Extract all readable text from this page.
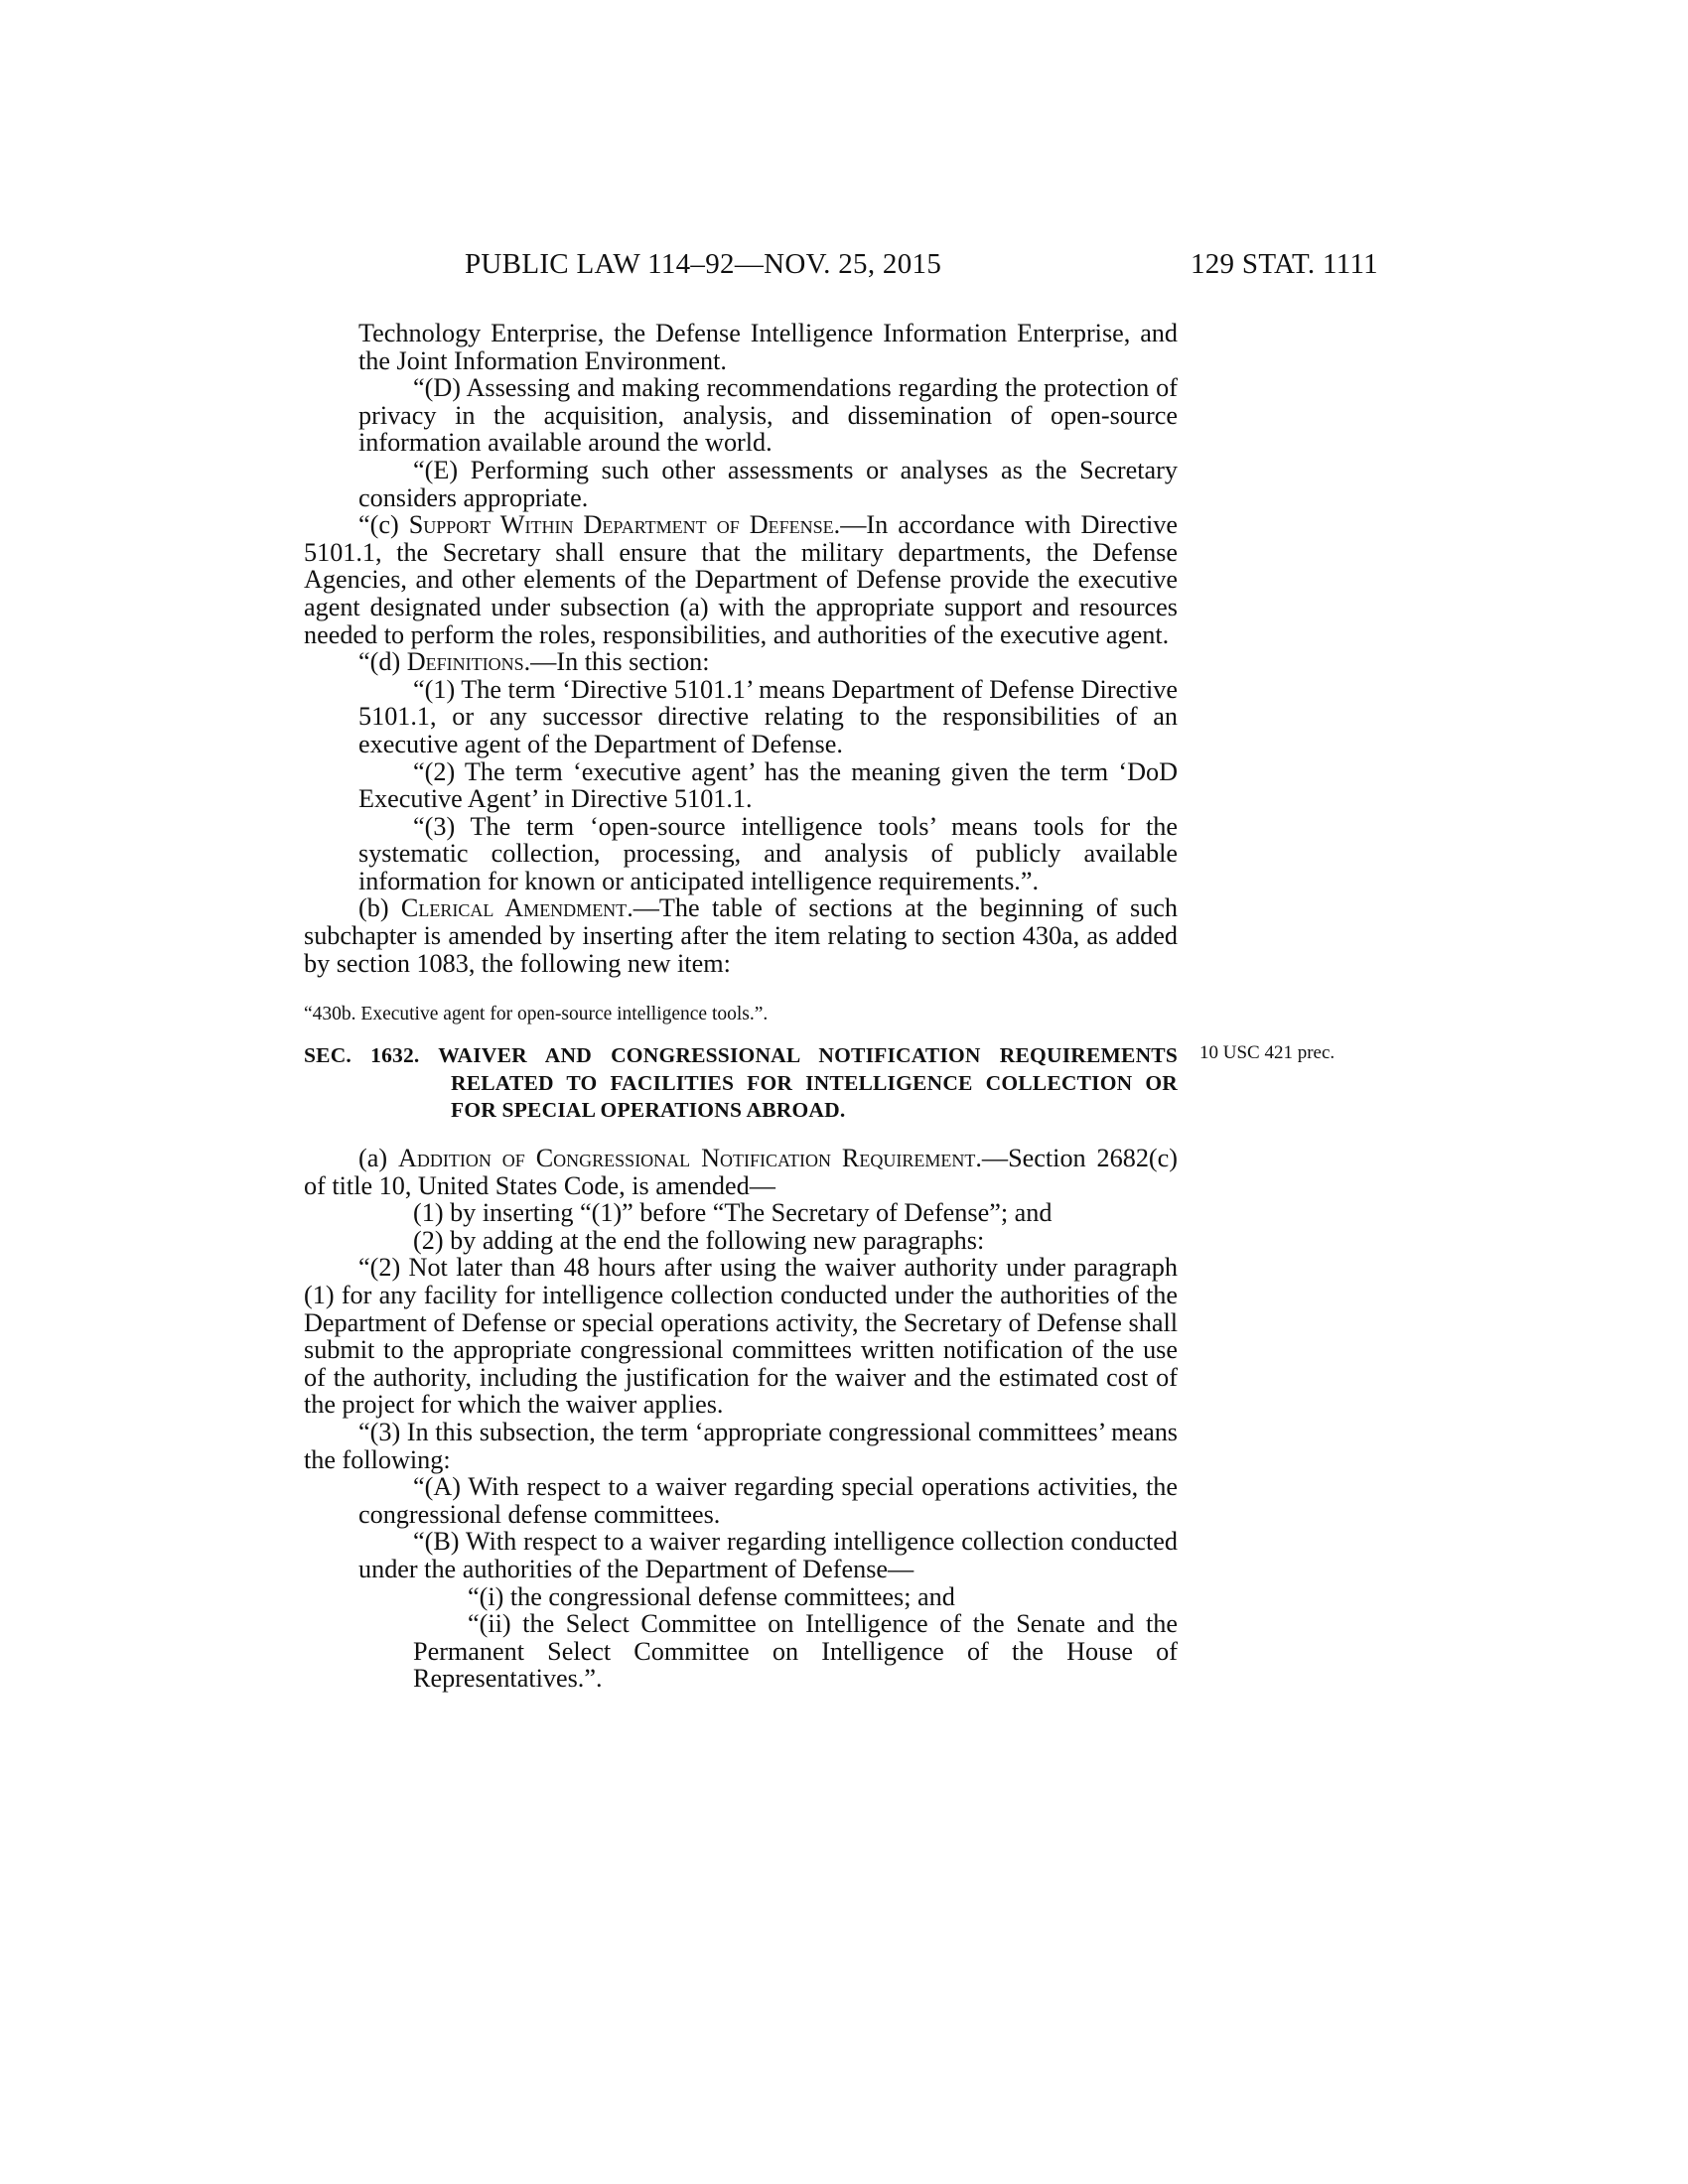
PUBLIC LAW 114–92—NOV. 25, 2015	129 STAT. 1111
10 USC 421 prec.

Technology Enterprise, the Defense Intelligence Information Enterprise, and the Joint Information Environment.

“(D) Assessing and making recommendations regarding the protection of privacy in the acquisition, analysis, and dissemination of open-source information available around the world.

“(E) Performing such other assessments or analyses as the Secretary considers appropriate.

“(c) Support Within Department of Defense.—In accordance with Directive 5101.1, the Secretary shall ensure that the military departments, the Defense Agencies, and other elements of the Department of Defense provide the executive agent designated under subsection (a) with the appropriate support and resources needed to perform the roles, responsibilities, and authorities of the executive agent.

“(d) Definitions.—In this section:

“(1) The term ‘Directive 5101.1’ means Department of Defense Directive 5101.1, or any successor directive relating to the responsibilities of an executive agent of the Department of Defense.

“(2) The term ‘executive agent’ has the meaning given the term ‘DoD Executive Agent’ in Directive 5101.1.

“(3) The term ‘open-source intelligence tools’ means tools for the systematic collection, processing, and analysis of publicly available information for known or anticipated intelligence requirements.”.

(b) Clerical Amendment.—The table of sections at the beginning of such subchapter is amended by inserting after the item relating to section 430a, as added by section 1083, the following new item:

“430b. Executive agent for open-source intelligence tools.”.

SEC. 1632. WAIVER AND CONGRESSIONAL NOTIFICATION REQUIREMENTS RELATED TO FACILITIES FOR INTELLIGENCE COLLECTION OR FOR SPECIAL OPERATIONS ABROAD.

(a) Addition of Congressional Notification Requirement.—Section 2682(c) of title 10, United States Code, is amended—

(1) by inserting “(1)” before “The Secretary of Defense”; and

(2) by adding at the end the following new paragraphs:

“(2) Not later than 48 hours after using the waiver authority under paragraph (1) for any facility for intelligence collection conducted under the authorities of the Department of Defense or special operations activity, the Secretary of Defense shall submit to the appropriate congressional committees written notification of the use of the authority, including the justification for the waiver and the estimated cost of the project for which the waiver applies.

“(3) In this subsection, the term ‘appropriate congressional committees’ means the following:

“(A) With respect to a waiver regarding special operations activities, the congressional defense committees.

“(B) With respect to a waiver regarding intelligence collection conducted under the authorities of the Department of Defense—

“(i) the congressional defense committees; and

“(ii) the Select Committee on Intelligence of the Senate and the Permanent Select Committee on Intelligence of the House of Representatives.”.
